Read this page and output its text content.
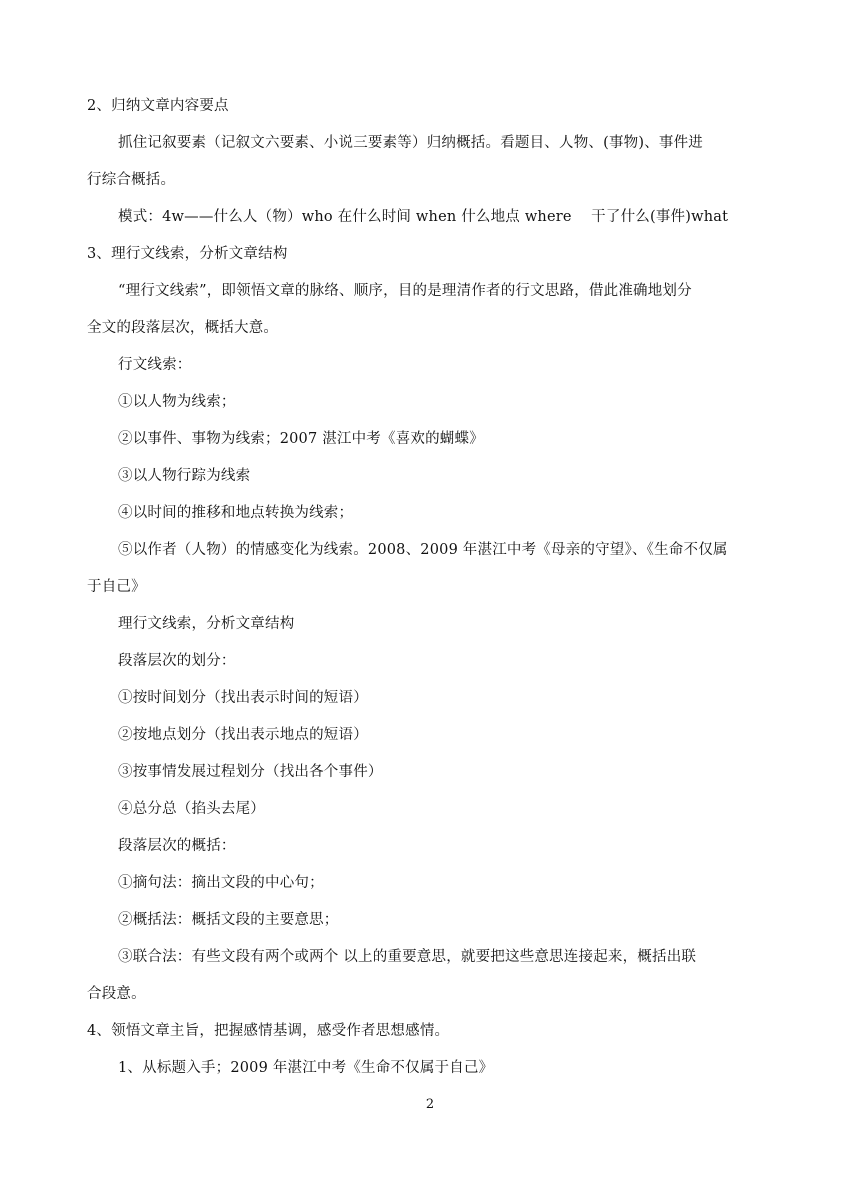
2、归纳文章内容要点
抓住记叙要素（记叙文六要素、小说三要素等）归纳概括。看题目、人物、(事物)、事件进
行综合概括。
模式：4w——什么人（物）who 在什么时间 when 什么地点 where　 干了什么(事件)what
3、理行文线索，分析文章结构
“理行文线索”，即领悟文章的脉络、顺序，目的是理清作者的行文思路，借此准确地划分
全文的段落层次，概括大意。
行文线索：
①以人物为线索；
②以事件、事物为线索；2007 湛江中考《喜欢的蝴蝶》
③以人物行踪为线索
④以时间的推移和地点转换为线索；
⑤以作者（人物）的情感变化为线索。2008、2009 年湛江中考《母亲的守望》、《生命不仅属
于自己》
理行文线索，分析文章结构
段落层次的划分：
①按时间划分（找出表示时间的短语）
②按地点划分（找出表示地点的短语）
③按事情发展过程划分（找出各个事件）
④总分总（掐头去尾）
段落层次的概括：
①摘句法：摘出文段的中心句；
②概括法：概括文段的主要意思；
③联合法：有些文段有两个或两个 以上的重要意思，就要把这些意思连接起来，概括出联
合段意。
4、领悟文章主旨，把握感情基调，感受作者思想感情。
1、从标题入手；2009 年湛江中考《生命不仅属于自己》
2
